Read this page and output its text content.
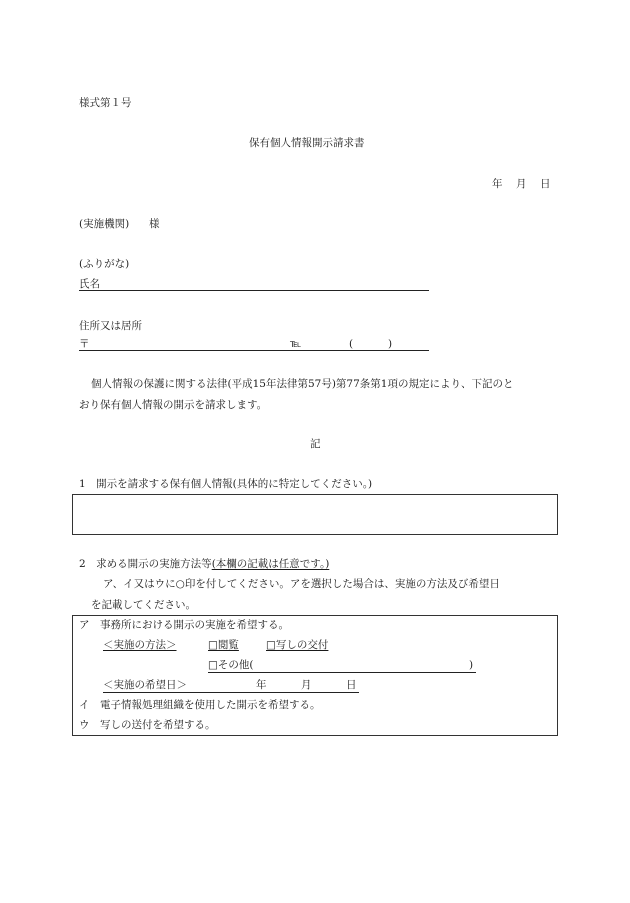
様式第１号
保有個人情報開示請求書
年 月 日
(実施機関) 様
(ふりがな)
氏名
住所又は居所
〒	℡	(	)
個人情報の保護に関する法律(平成15年法律第57号)第77条第1項の規定により、下記のと
おり保有個人情報の開示を請求します。
記
1　開示を請求する保有個人情報(具体的に特定してください。)
2　求める開示の実施方法等(本欄の記載は任意です。)
ア、イ又はウに○印を付してください。アを選択した場合は、実施の方法及び希望日
を記載してください。
ア　事務所における開示の実施を希望する。
＜実施の方法＞	□閲覧	□写しの交付
□その他(	)
＜実施の希望日＞	年	月	日
イ　電子情報処理組織を使用した開示を希望する。
ウ　写しの送付を希望する。
